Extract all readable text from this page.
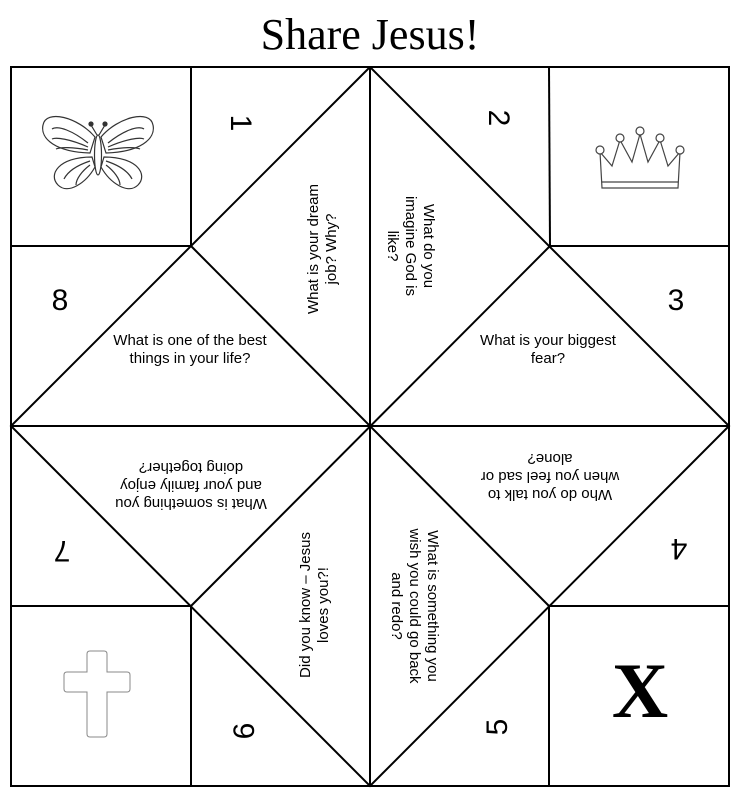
Share Jesus!
X
1	2
3
4
5
6
7
8	What is your dream job? Why?	What do you imagine God is like?
What is your biggest fear?
Who do you talk to when you feel sad or alone?
What is something you wish you could go back and redo?
Did you know – Jesus loves you?!
What is something you and your family enjoy doing together?
What is one of the best things in your life?
